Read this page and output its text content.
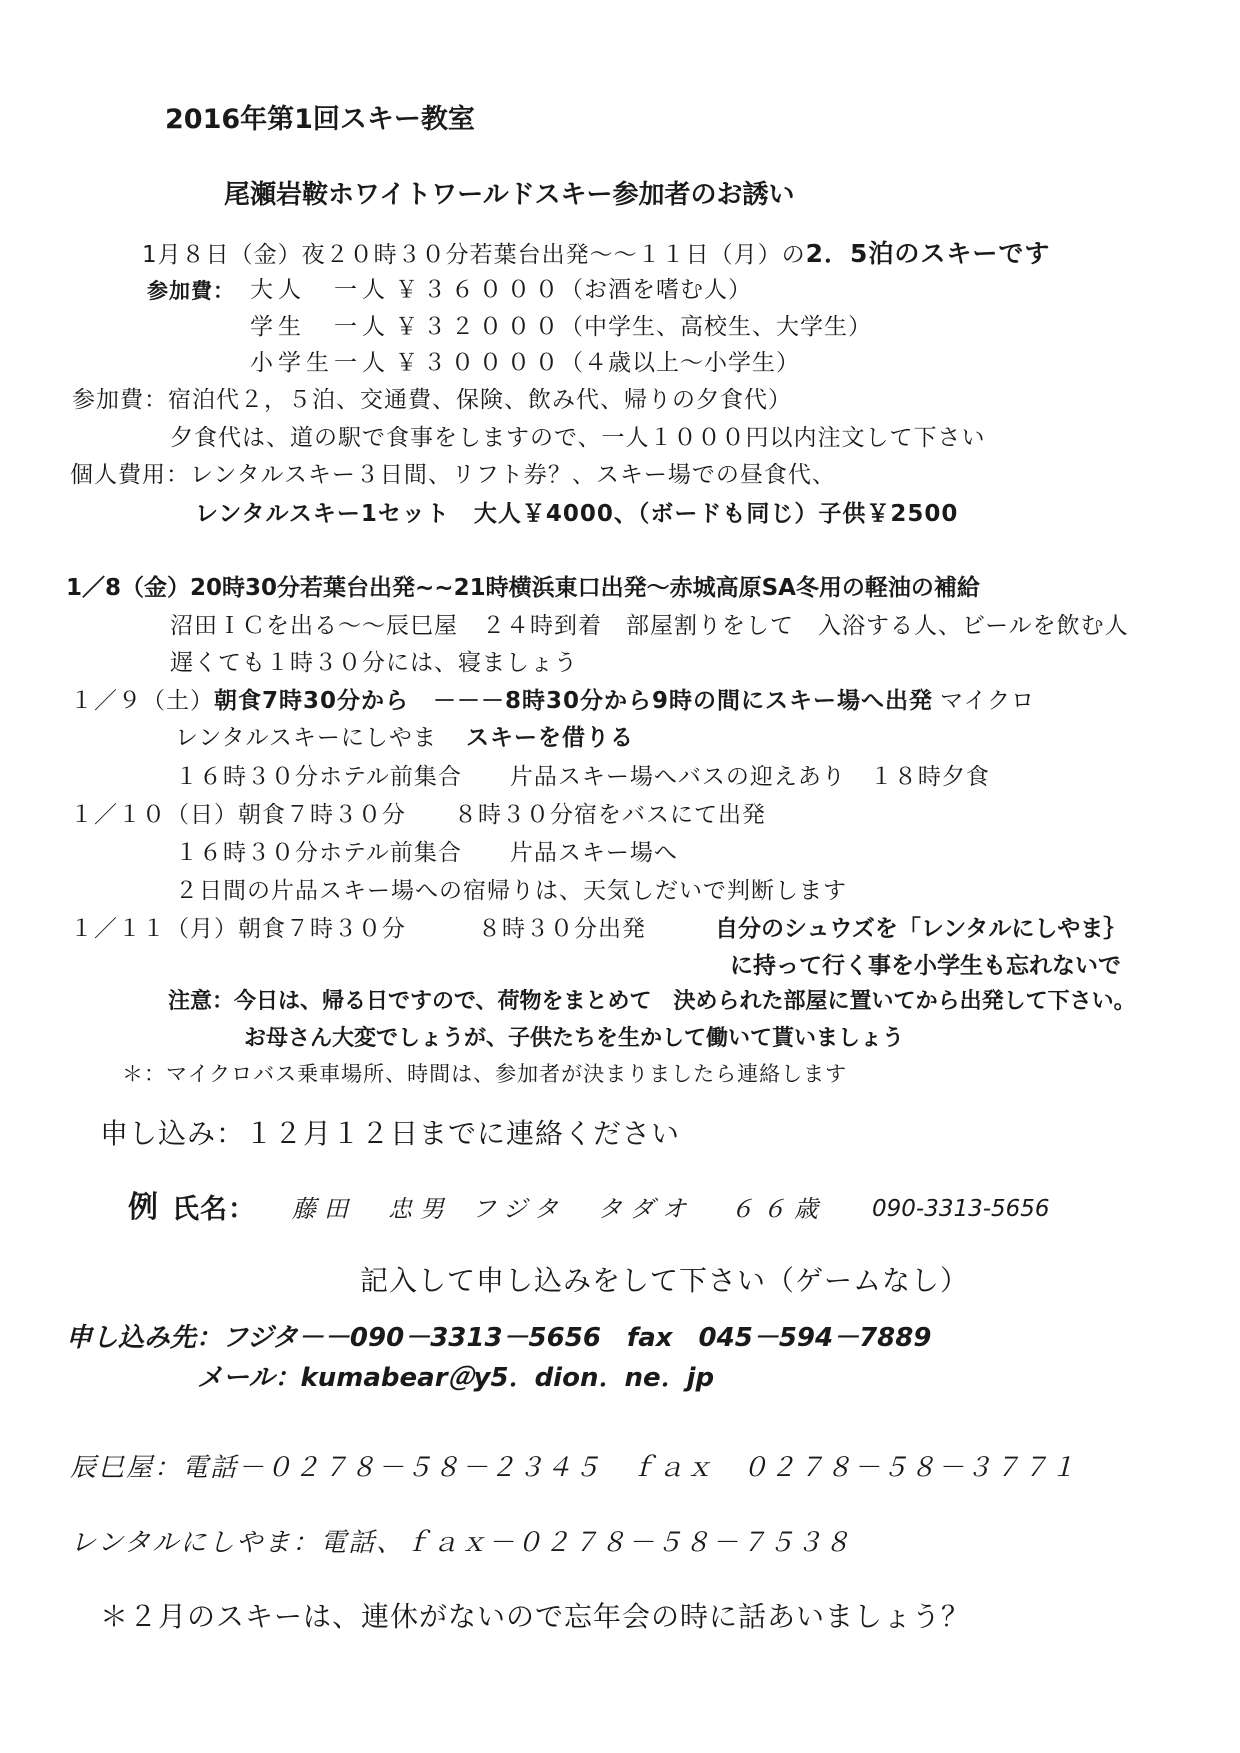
2016年第1回スキー教室
尾瀬岩鞍ホワイトワールドスキー参加者のお誘い
1月８日（金）夜２０時３０分若葉台出発～～１１日（月）の2．5泊のスキーです
参加費： 大人　一人 ￥３６０００
（お酒を嗜む人）
学生　一人 ￥３２０００
（中学生、高校生、大学生）
小学生一人 ￥３００００
（４歳以上～小学生）
参加費：宿泊代２，５泊、交通費、保険、飲み代、帰りの夕食代）
夕食代は、道の駅で食事をしますので、一人１０００円以内注文して下さい
個人費用：レンタルスキー３日間、リフト券？、スキー場での昼食代、
レンタルスキー1セット　大人￥4000、（ボードも同じ）子供￥2500
1／8（金）20時30分若葉台出発~~21時横浜東口出発～赤城高原SA冬用の軽油の補給
沼田ＩＣを出る～～辰巳屋　２４時到着　部屋割りをして　入浴する人、ビールを飲む人
遅くても１時３０分には、寝ましょう
１／９（土）朝食7時30分から　－－－8時30分から9時の間にスキー場へ出発 マイクロ
レンタルスキーにしやま スキーを借りる
１６時３０分ホテル前集合　　片品スキー場へバスの迎えあり　１８時夕食
１／１０（日）朝食７時３０分　　８時３０分宿をバスにて出発
１６時３０分ホテル前集合　　片品スキー場へ
２日間の片品スキー場への宿帰りは、天気しだいで判断します
１／１１（月）朝食７時３０分　　　８時３０分出発	自分のシュウズを「レンタルにしやま｝
に持って行く事を小学生も忘れないで
注意：今日は、帰る日ですので、荷物をまとめて　決められた部屋に置いてから出発して下さい。
お母さん大変でしょうが、子供たちを生かして働いて貰いましょう
＊：マイクロバス乗車場所、時間は、参加者が決まりましたら連絡します
申し込み：１２月１２日までに連絡ください
例 氏名： 藤田　忠男 フジタ　タダオ ６６歳 090-3313-5656
記入して申し込みをして下さい（ゲームなし）
申し込み先：フジタ－－090－3313－5656　fax　045－594－7889
メール：kumabear＠y5．dion．ne．jp
辰巳屋：電話－０２７８－５８－２３４５　ｆａｘ　０２７８－５８－３７７１
レンタルにしやま：電話、ｆａｘ－０２７８－５８－７５３８
＊２月のスキーは、連休がないので忘年会の時に話あいましょう？
